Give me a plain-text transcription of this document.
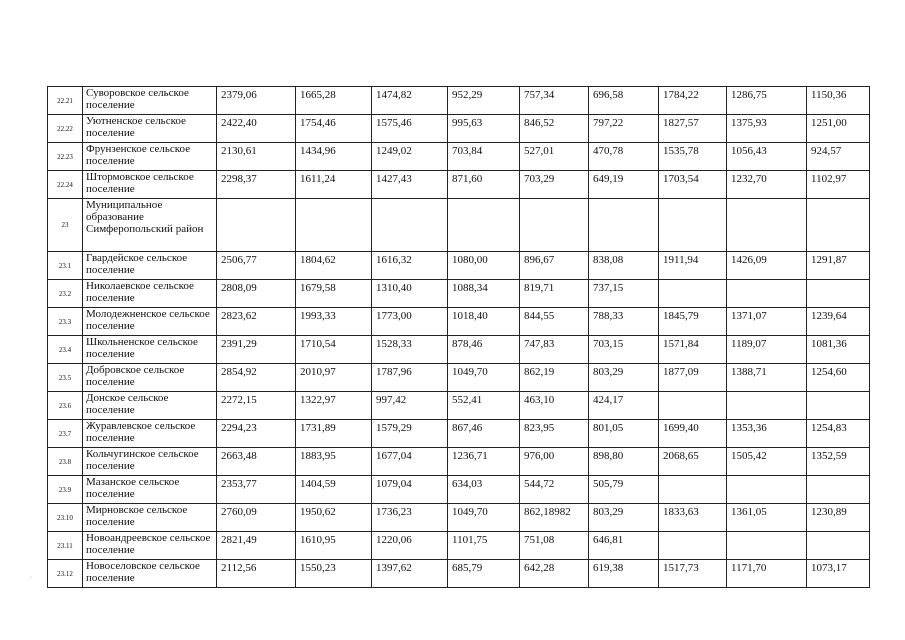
22.21	Суворовское сельское поселение	2379,06	1665,28	1474,82	952,29	757,34	696,58	1784,22	1286,75	1150,36
22.22	Уютненское сельское поселение	2422,40	1754,46	1575,46	995,63	846,52	797,22	1827,57	1375,93	1251,00
22.23	Фрунзенское сельское поселение	2130,61	1434,96	1249,02	703,84	527,01	470,78	1535,78	1056,43	924,57
22.24	Штормовское сельское поселение	2298,37	1611,24	1427,43	871,60	703,29	649,19	1703,54	1232,70	1102,97
23	Муниципальное образование Симферопольский район									
23.1	Гвардейское сельское поселение	2506,77	1804,62	1616,32	1080,00	896,67	838,08	1911,94	1426,09	1291,87
23.2	Николаевское сельское поселение	2808,09	1679,58	1310,40	1088,34	819,71	737,15			
23.3	Молодежненское сельское поселение	2823,62	1993,33	1773,00	1018,40	844,55	788,33	1845,79	1371,07	1239,64
23.4	Школьненское сельское поселение	2391,29	1710,54	1528,33	878,46	747,83	703,15	1571,84	1189,07	1081,36
23.5	Добровское сельское поселение	2854,92	2010,97	1787,96	1049,70	862,19	803,29	1877,09	1388,71	1254,60
23.6	Донское сельское поселение	2272,15	1322,97	997,42	552,41	463,10	424,17			
23.7	Журавлевское сельское поселение	2294,23	1731,89	1579,29	867,46	823,95	801,05	1699,40	1353,36	1254,83
23.8	Кольчугинское сельское поселение	2663,48	1883,95	1677,04	1236,71	976,00	898,80	2068,65	1505,42	1352,59
23.9	Мазанское сельское поселение	2353,77	1404,59	1079,04	634,03	544,72	505,79			
23.10	Мирновское сельское поселение	2760,09	1950,62	1736,23	1049,70	862,18982	803,29	1833,63	1361,05	1230,89
23.11	Новоандреевское сельское поселение	2821,49	1610,95	1220,06	1101,75	751,08	646,81			
23.12	Новоселовское сельское поселение	2112,56	1550,23	1397,62	685,79	642,28	619,38	1517,73	1171,70	1073,17
·
